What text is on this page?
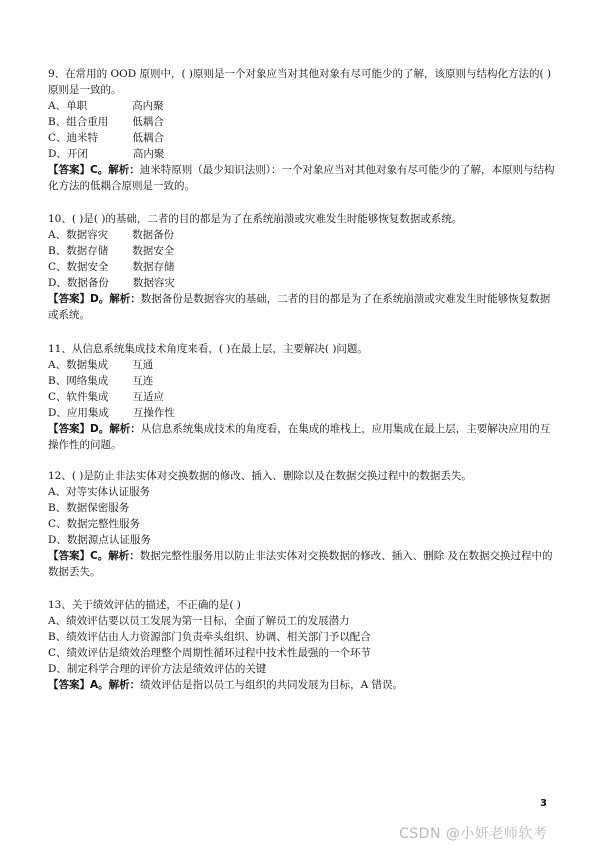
9、在常用的 OOD 原则中，( )原则是一个对象应当对其他对象有尽可能少的了解，该原则与结构化方法的( )原则是一致的。

A、单职	高内聚

B、组合重用 低耦合

C、迪米特	低耦合

D、开闭	高内聚

【答案】C。解析：迪米特原则（最少知识法则）：一个对象应当对其他对象有尽可能少的了解，本原则与结构化方法的低耦合原则是一致的。

10、( )是( )的基础，二者的目的都是为了在系统崩溃或灾难发生时能够恢复数据或系统。

A、数据容灾 数据备份

B、数据存储 数据安全

C、数据安全 数据存储

D、数据备份 数据容灾

【答案】D。解析：数据备份是数据容灾的基础，二者的目的都是为了在系统崩溃或灾难发生时能够恢复数据或系统。

11、从信息系统集成技术角度来看，( )在最上层，主要解决( )问题。

A、数据集成 互通

B、网络集成 互连

C、软件集成 互适应

D、应用集成 互操作性

【答案】D。解析：从信息系统集成技术的角度看，在集成的堆栈上，应用集成在最上层，主要解决应用的互操作性的问题。

12、( )是防止非法实体对交换数据的修改、插入、删除以及在数据交换过程中的数据丢失。

A、对等实体认证服务

B、数据保密服务

C、数据完整性服务

D、数据源点认证服务

【答案】C。解析：数据完整性服务用以防止非法实体对交换数据的修改、插入、删除 及在数据交换过程中的数据丢失。

13、关于绩效评估的描述，不正确的是( )

A、绩效评估要以员工发展为第一目标，全面了解员工的发展潜力

B、绩效评估由人力资源部门负责牵头组织、协调、相关部门予以配合

C、绩效评估是绩效治理整个周期性循环过程中技术性最强的一个环节

D、制定科学合理的评价方法是绩效评估的关键

【答案】A。解析：绩效评估是指以员工与组织的共同发展为目标，A 错误。

3
CSDN @小妍老师软考
